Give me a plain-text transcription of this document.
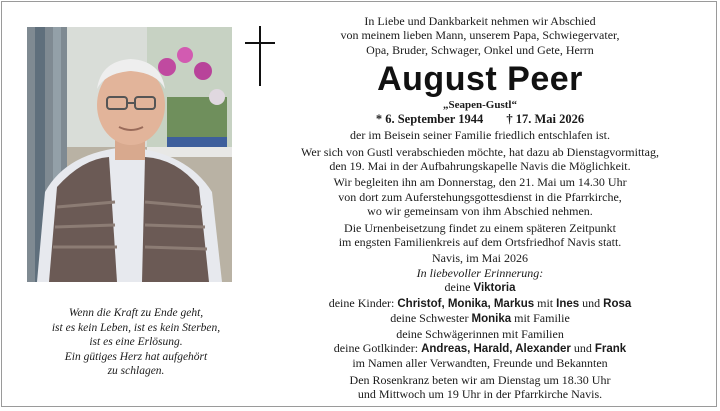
Wenn die Kraft zu Ende geht,
ist es kein Leben, ist es kein Sterben,
ist es eine Erlösung.
Ein gütiges Herz hat aufgehört
zu schlagen.
In Liebe und Dankbarkeit nehmen wir Abschied
von meinem lieben Mann, unserem Papa, Schwiegervater,
Opa, Bruder, Schwager, Onkel und Gete, Herrn
August Peer
„Seapen-Gustl“
* 6. September 1944 † 17. Mai 2026
der im Beisein seiner Familie friedlich entschlafen ist.
Wer sich von Gustl verabschieden möchte, hat dazu ab Dienstagvormittag,
den 19. Mai in der Aufbahrungskapelle Navis die Möglichkeit.
Wir begleiten ihn am Donnerstag, den 21. Mai um 14.30 Uhr
von dort zum Auferstehungsgottesdienst in die Pfarrkirche,
wo wir gemeinsam von ihm Abschied nehmen.
Die Urnenbeisetzung findet zu einem späteren Zeitpunkt
im engsten Familienkreis auf dem Ortsfriedhof Navis statt.
Navis, im Mai 2026
In liebevoller Erinnerung:
deine Viktoria
deine Kinder: Christof, Monika, Markus mit Ines und Rosa
deine Schwester Monika mit Familie
deine Schwägerinnen mit Familien
deine Gotlkinder: Andreas, Harald, Alexander und Frank
im Namen aller Verwandten, Freunde und Bekannten
Den Rosenkranz beten wir am Dienstag um 18.30 Uhr
und Mittwoch um 19 Uhr in der Pfarrkirche Navis.
